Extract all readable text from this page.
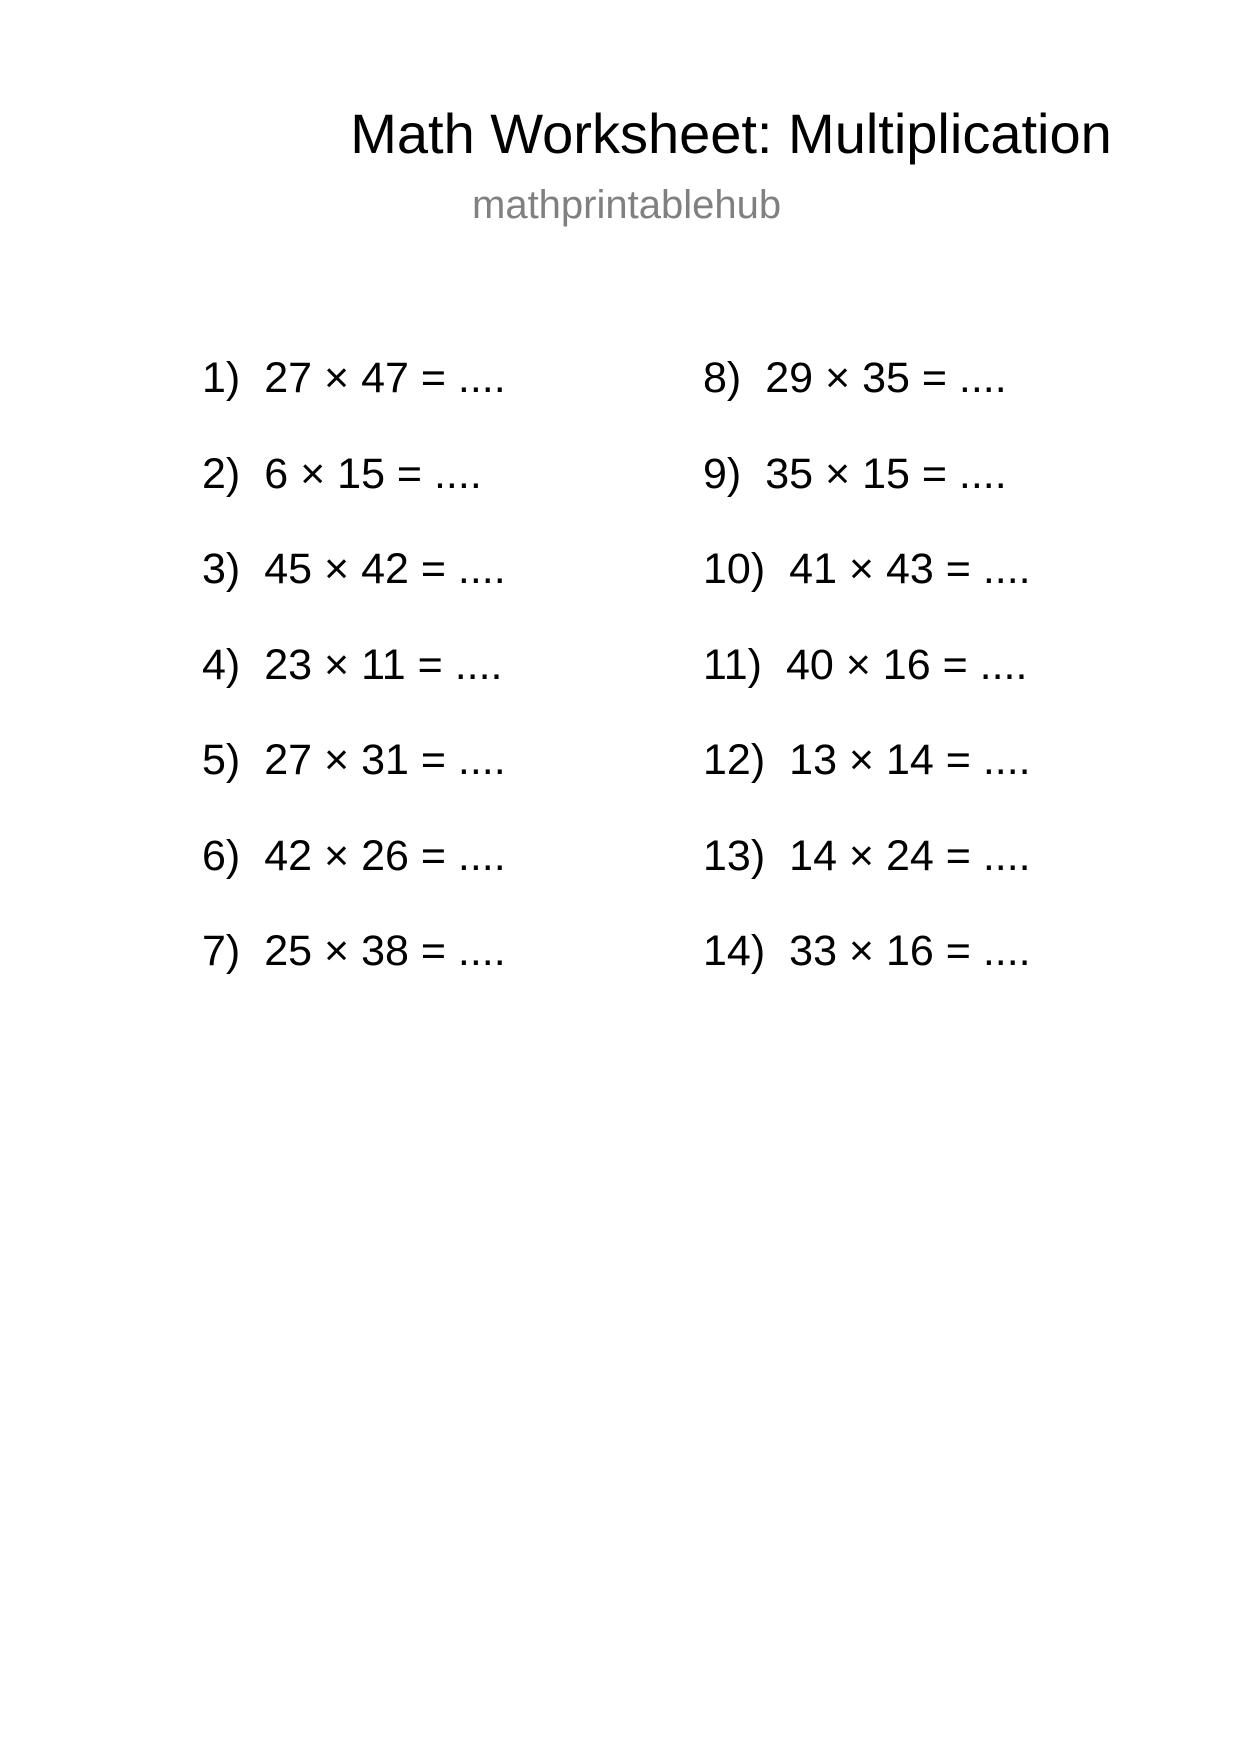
Math Worksheet: Multiplication
mathprintablehub
1) 27 × 47 = ....
2) 6 × 15 = ....
3) 45 × 42 = ....
4) 23 × 11 = ....
5) 27 × 31 = ....
6) 42 × 26 = ....
7) 25 × 38 = ....
8) 29 × 35 = ....
9) 35 × 15 = ....
10) 41 × 43 = ....
11) 40 × 16 = ....
12) 13 × 14 = ....
13) 14 × 24 = ....
14) 33 × 16 = ....
